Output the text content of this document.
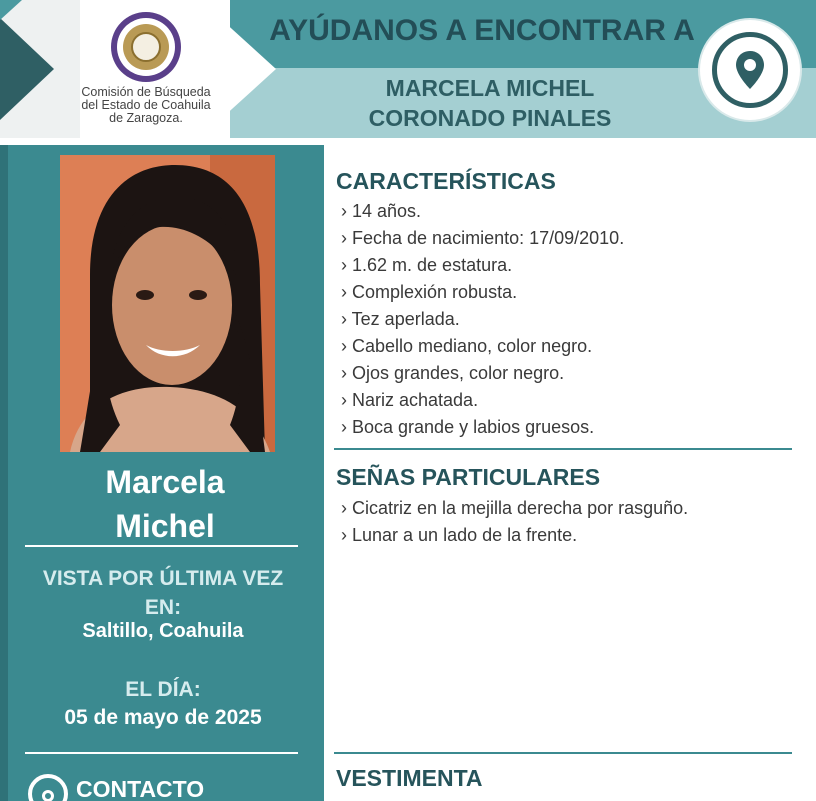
Comisión de Búsqueda
del Estado de Coahuila
de Zaragoza.
AYÚDANOS A ENCONTRAR A
MARCELA MICHEL
CORONADO PINALES
Marcela
Michel
VISTA POR ÚLTIMA VEZ
EN:
Saltillo, Coahuila
EL DÍA:
05 de mayo de 2025
CONTACTO
CARACTERÍSTICAS
› 14 años.
› Fecha de nacimiento: 17/09/2010.
› 1.62 m. de estatura.
› Complexión robusta.
› Tez aperlada.
› Cabello mediano, color negro.
› Ojos grandes, color negro.
› Nariz achatada.
› Boca grande y labios gruesos.
SEÑAS PARTICULARES
› Cicatriz en la mejilla derecha por rasguño.
› Lunar a un lado de la frente.
VESTIMENTA
